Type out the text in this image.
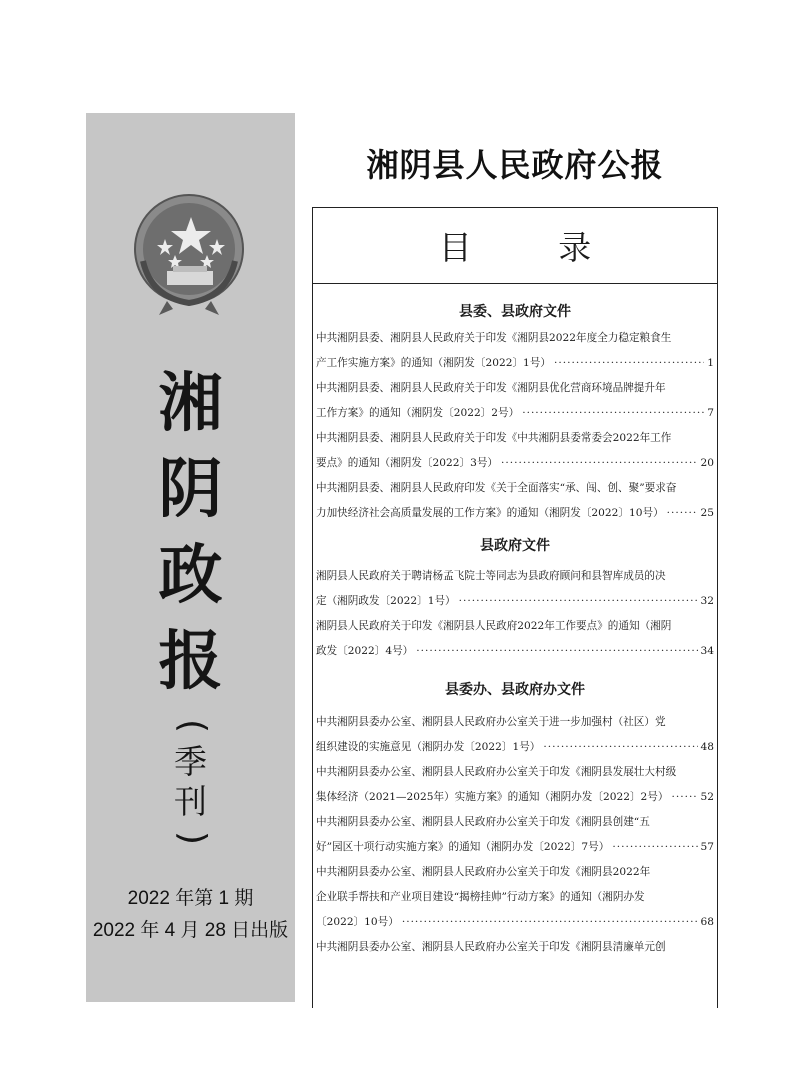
湘
阴
政
报
(
季
刊
)
2022 年第 1 期
2022 年 4 月 28 日出版
湘阴县人民政府公报
目 录
县委、县政府文件
中共湘阴县委、湘阴县人民政府关于印发《湘阴县2022年度全力稳定粮食生
产工作实施方案》的通知（湘阴发〔2022〕1号） ·····	1
中共湘阴县委、湘阴县人民政府关于印发《湘阴县优化营商环境品牌提升年
工作方案》的通知（湘阴发〔2022〕2号） ·····	7
中共湘阴县委、湘阴县人民政府关于印发《中共湘阴县委常委会2022年工作
要点》的通知（湘阴发〔2022〕3号） ·····	20
中共湘阴县委、湘阴县人民政府印发《关于全面落实“承、闯、创、聚”要求奋
力加快经济社会高质量发展的工作方案》的通知（湘阴发〔2022〕10号） ·····	25
县政府文件
湘阴县人民政府关于聘请杨孟飞院士等同志为县政府顾问和县智库成员的决
定（湘阴政发〔2022〕1号） ·····	32
湘阴县人民政府关于印发《湘阴县人民政府2022年工作要点》的通知（湘阴
政发〔2022〕4号） ·····	34
县委办、县政府办文件
中共湘阴县委办公室、湘阴县人民政府办公室关于进一步加强村（社区）党
组织建设的实施意见（湘阴办发〔2022〕1号） ·····	48
中共湘阴县委办公室、湘阴县人民政府办公室关于印发《湘阴县发展壮大村级
集体经济（2021—2025年）实施方案》的通知（湘阴办发〔2022〕2号） ·····	52
中共湘阴县委办公室、湘阴县人民政府办公室关于印发《湘阴县创建“五
好”园区十项行动实施方案》的通知（湘阴办发〔2022〕7号） ·····	57
中共湘阴县委办公室、湘阴县人民政府办公室关于印发《湘阴县2022年
企业联手帮扶和产业项目建设“揭榜挂帅”行动方案》的通知（湘阴办发
〔2022〕10号） ·····	68
中共湘阴县委办公室、湘阴县人民政府办公室关于印发《湘阴县清廉单元创
